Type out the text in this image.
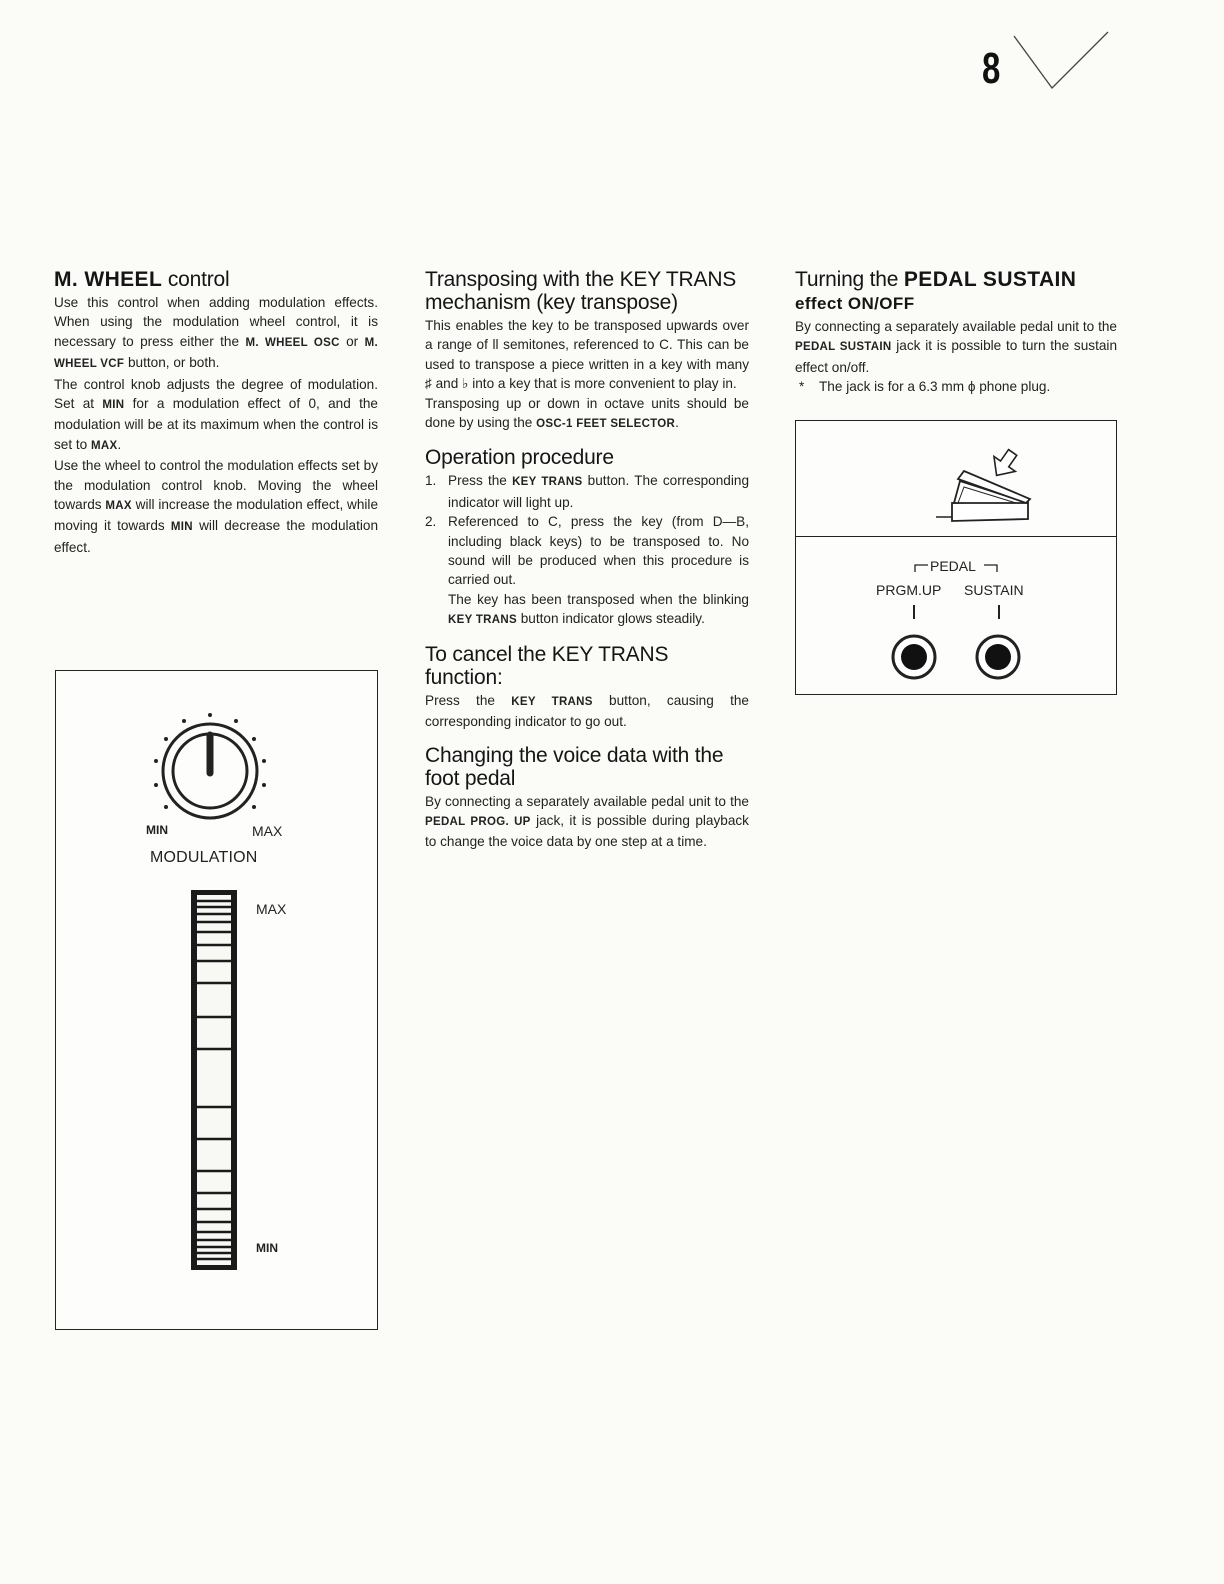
8
M. WHEEL control

Use this control when adding modulation effects. When using the modulation wheel control, it is necessary to press either the M. WHEEL OSC or M. WHEEL VCF button, or both.

The control knob adjusts the degree of modulation. Set at MIN for a modulation effect of 0, and the modulation will be at its maximum when the control is set to MAX.

Use the wheel to control the modulation effects set by the modulation control knob. Moving the wheel towards MAX will increase the modulation effect, while moving it towards MIN will decrease the modulation effect.

MIN	MAX
MODULATION
MAX
MIN
Transposing with the KEY TRANS mechanism (key transpose)

This enables the key to be transposed upwards over a range of ll semitones, referenced to C. This can be used to transpose a piece written in a key with many ♯ and ♭ into a key that is more convenient to play in.

Transposing up or down in octave units should be done by using the OSC-1 FEET SELECTOR.

Operation procedure
1. Press the KEY TRANS button. The corresponding indicator will light up.
2. Referenced to C, press the key (from D—B, including black keys) to be transposed to. No sound will be produced when this procedure is carried out.
The key has been transposed when the blinking KEY TRANS button indicator glows steadily.
To cancel the KEY TRANS function:

Press the KEY TRANS button, causing the corresponding indicator to go out.

Changing the voice data with the foot pedal

By connecting a separately available pedal unit to the PEDAL PROG. UP jack, it is possible during playback to change the voice data by one step at a time.

Turning the PEDAL SUSTAIN
effect ON/OFF

By connecting a separately available pedal unit to the PEDAL SUSTAIN jack it is possible to turn the sustain effect on/off.

* The jack is for a 6.3 mm ϕ phone plug.
PEDAL
PRGM.UP SUSTAIN
